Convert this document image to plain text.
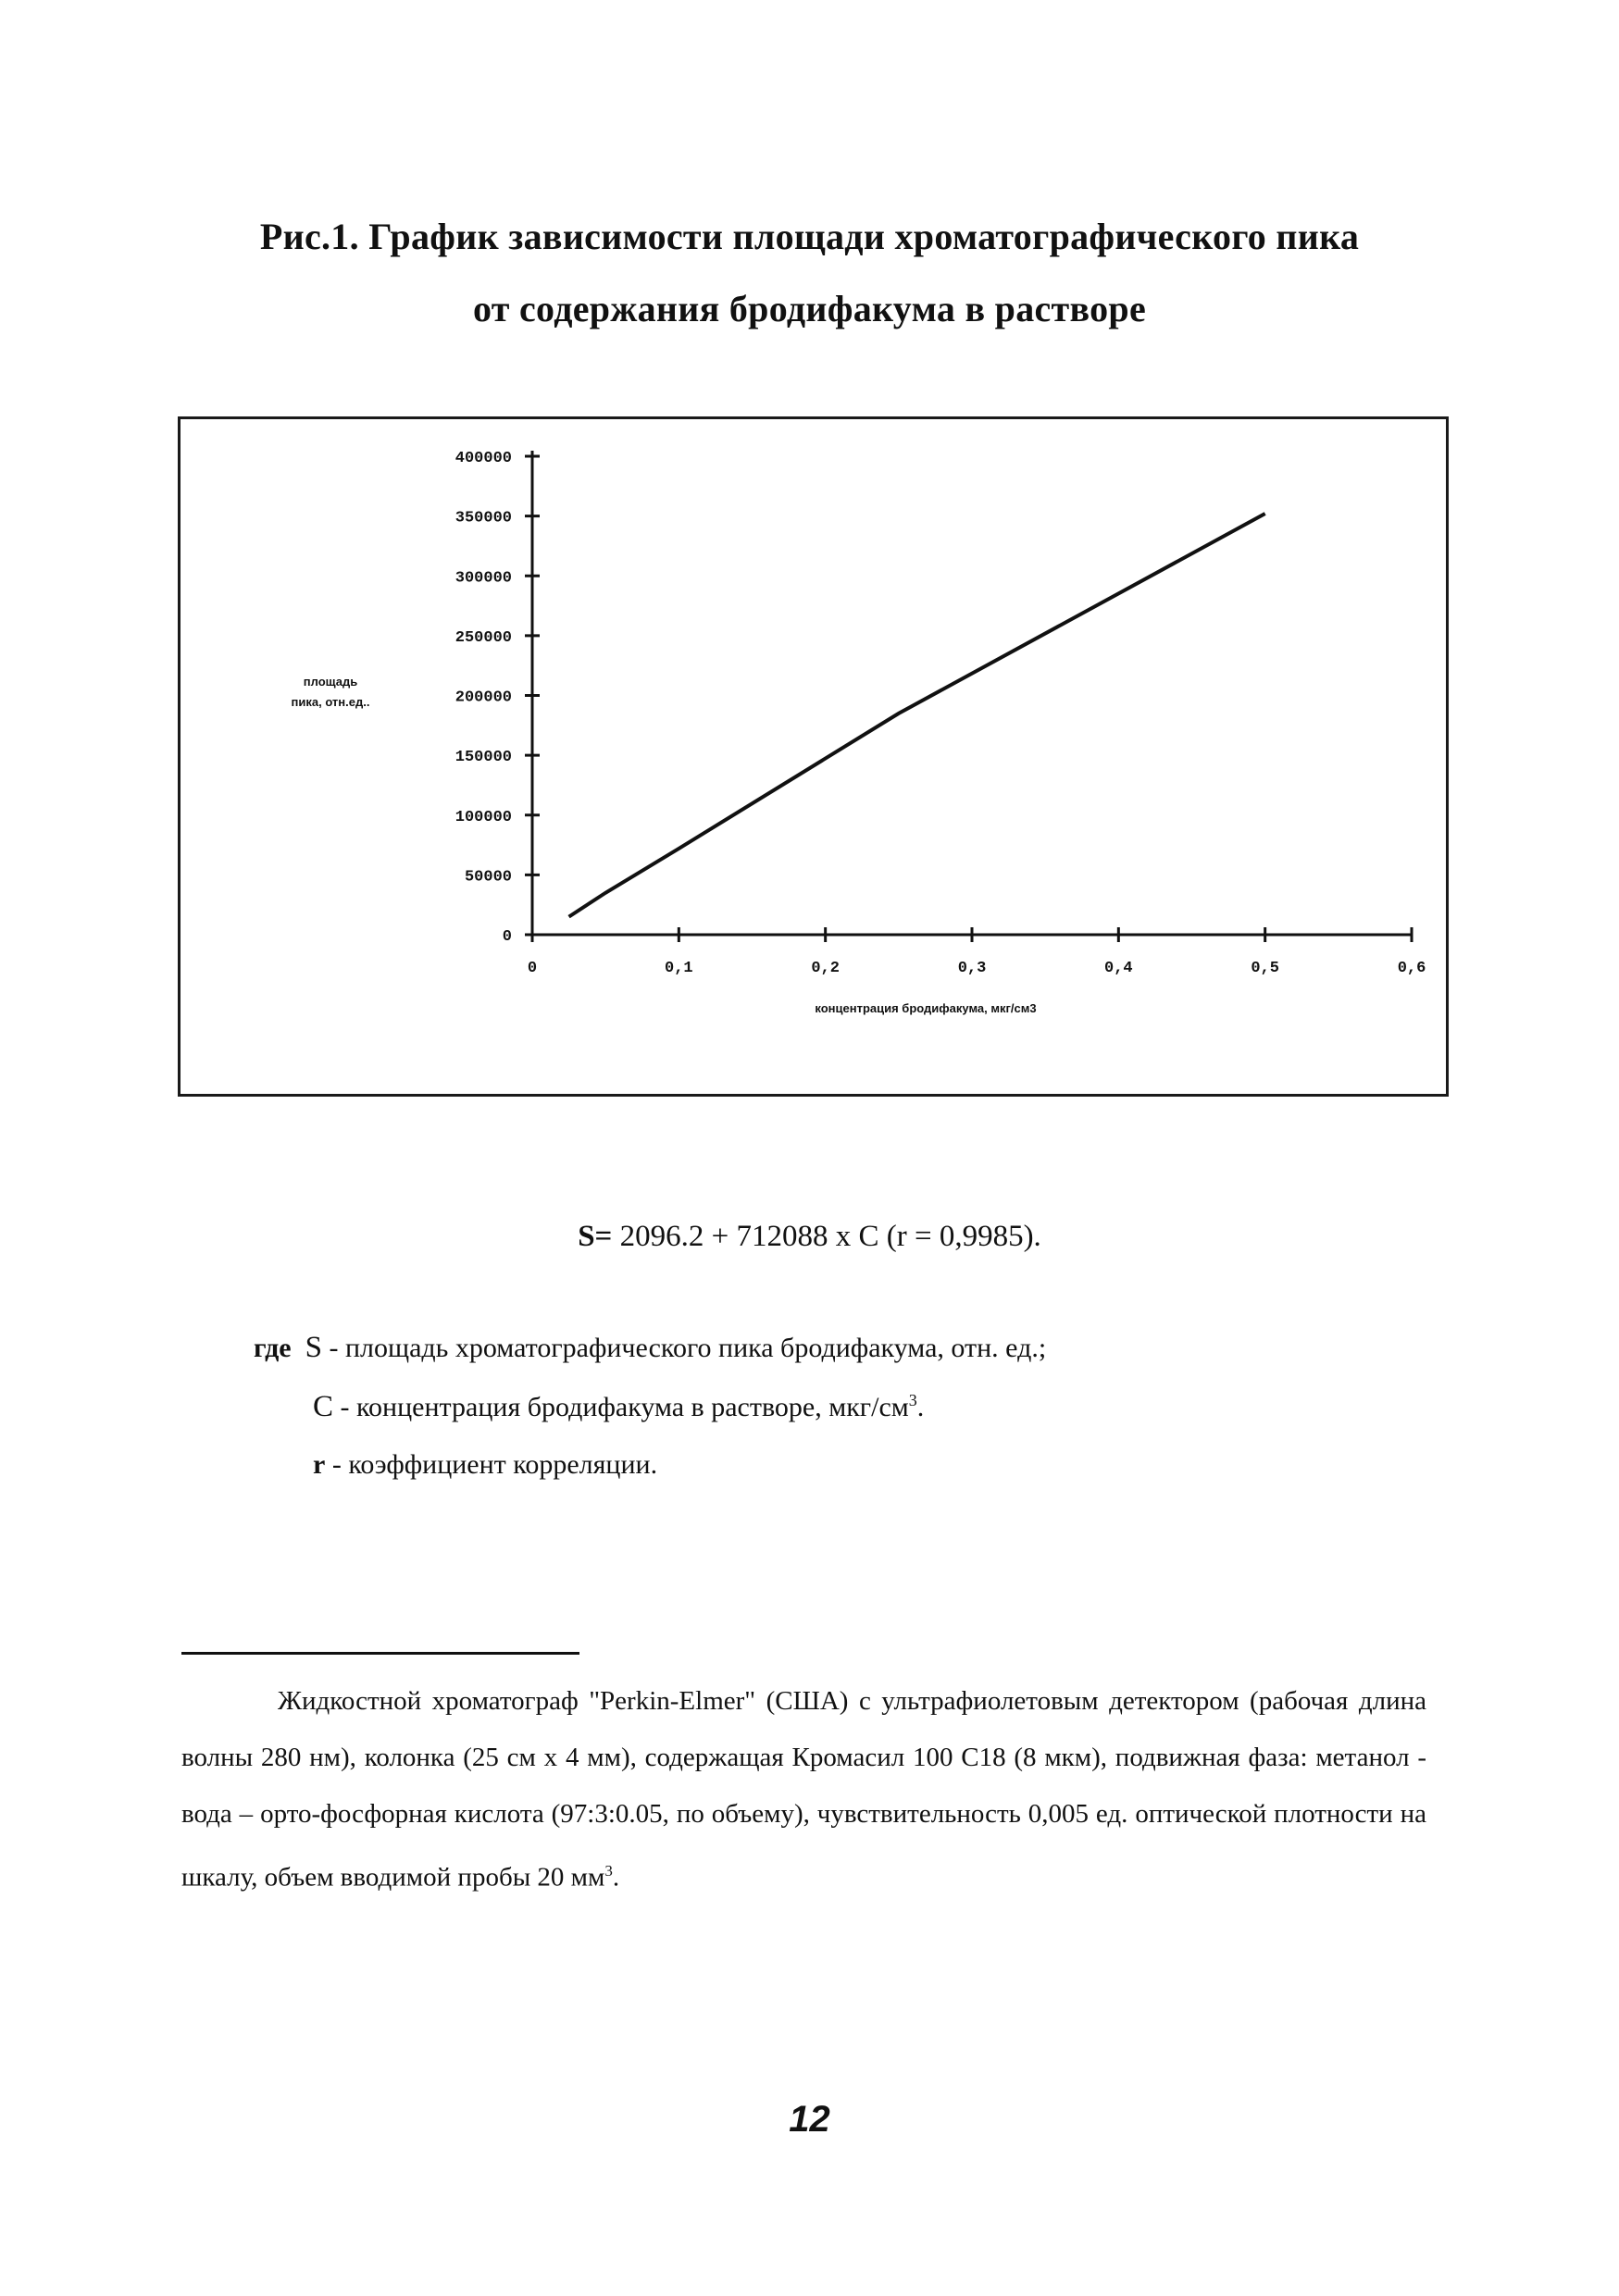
Рис.1. График зависимости площади хроматографического пика
от содержания бродифакума в растворе
0
50000
100000
150000
200000
250000
300000
350000
400000
0	0,1	0,2	0,3	0,4	0,5	0,6
площадь
пика, отн.ед..
концентрация бродифакума, мкг/см3
S= 2096.2 + 712088 x C (r = 0,9985).
где S - площадь хроматографического пика бродифакума, отн. ед.;
C - концентрация бродифакума в растворе, мкг/$см^3$.
r - коэффициент корреляции.

Жидкостной хроматограф "Perkin-Elmer" (США) с ультрафиолетовым детектором (рабочая длина волны 280 нм), колонка (25 см х 4 мм), содержащая Кромасил 100 С18 (8 мкм), подвижная фаза: метанол - вода – орто-фосфорная кислота (97:3:0.05, по объему), чувствительность 0,005 ед. оптической плотности на шкалу, объем вводимой пробы 20 $мм^3$.

12
